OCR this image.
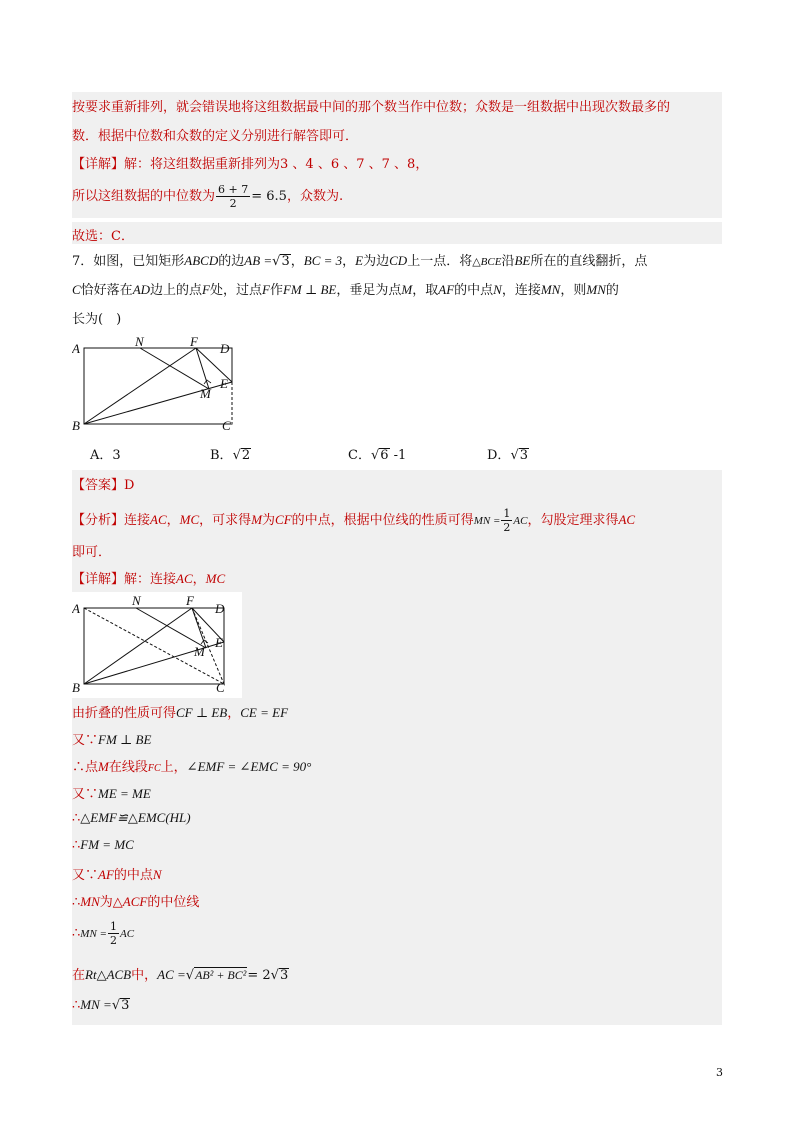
按要求重新排列，就会错误地将这组数据最中间的那个数当作中位数；众数是一组数据中出现次数最多的
数．根据中位数和众数的定义分别进行解答即可．
【详解】解：将这组数据重新排列为3 、4 、6 、7 、7 、8，
所以这组数据的中位数为 $\frac{6 + 7}{2} = 6.5$，众数为.
故选：C．
7．如图，已知矩形ABCD的边AB =√3，BC = 3，E为边CD上一点．将△BCE沿BE所在的直线翻折，点
C恰好落在AD边上的点F处，过点F作FM ⊥ BE，垂足为点M，取AF的中点N，连接MN，则MN的
长为(　)
A
B	C
D
E
F
M
N
A．3	B．√2	C．√6 -1	D．√3
【答案】D
【分析】连接AC，MC，可求得M为CF的中点，根据中位线的性质可得MN = $\frac{1}{2}$ AC，勾股定理求得AC
即可．
【详解】解：连接AC，MC
A
B	C
D
E
F
M
N
由折叠的性质可得CF ⊥ EB，CE = EF
又∵FM ⊥ BE
∴点M在线段FC上，∠EMF = ∠EMC = 90°
又∵ME = ME
∴△EMF≌△EMC(HL)
∴FM = MC
又∵AF的中点N
∴MN为△ACF的中位线
∴MN = $\frac{1}{2}$ AC
在Rt△ACB中，AC =√AB² + BC²= 2√3
∴MN =√3
3
